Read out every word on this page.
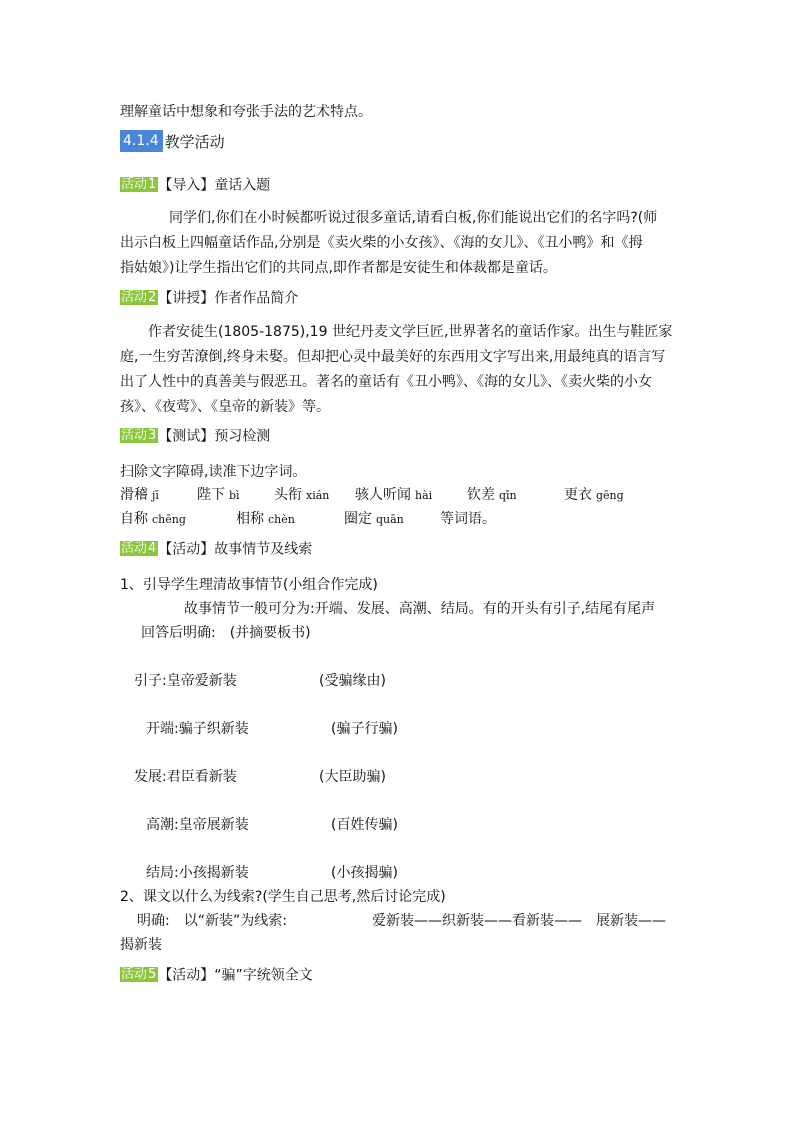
理解童话中想象和夸张手法的艺术特点。
4.1.4 教学活动
活动1 【导入】童话入题
同学们,你们在小时候都听说过很多童话,请看白板,你们能说出它们的名字吗?(师
出示白板上四幅童话作品,分别是《卖火柴的小女孩》、《海的女儿》、《丑小鸭》和《拇
指姑娘》)让学生指出它们的共同点,即作者都是安徒生和体裁都是童话。
活动2 【讲授】作者作品简介
作者安徒生(1805-1875),19 世纪丹麦文学巨匠,世界著名的童话作家。出生与鞋匠家
庭,一生穷苦潦倒,终身未娶。但却把心灵中最美好的东西用文字写出来,用最纯真的语言写
出了人性中的真善美与假恶丑。著名的童话有《丑小鸭》、《海的女儿》、《卖火柴的小女
孩》、《夜莺》、《皇帝的新装》等。
活动3 【测试】预习检测
扫除文字障碍,读准下边字词。
滑稽 jī	陛下 bì 头衔 xián 骇人听闻 hài 钦差 qīn	更衣 gēng
自称 chēng	相称 chèn	圈定 quān	等词语。
活动4 【活动】故事情节及线索
1、引导学生理清故事情节(小组合作完成)
故事情节一般可分为:开端、发展、高潮、结局。有的开头有引子,结尾有尾声
回答后明确:　(并摘要板书)
引子:皇帝爱新装	(受骗缘由)
开端:骗子织新装	(骗子行骗)
发展:君臣看新装	(大臣助骗)
高潮:皇帝展新装	(百姓传骗)
结局:小孩揭新装	(小孩揭骗)
2、课文以什么为线索?(学生自己思考,然后讨论完成)
明确:　以“新装”为线索:	爱新装——织新装——看新装——　展新装——
揭新装
活动5 【活动】“骗”字统领全文
